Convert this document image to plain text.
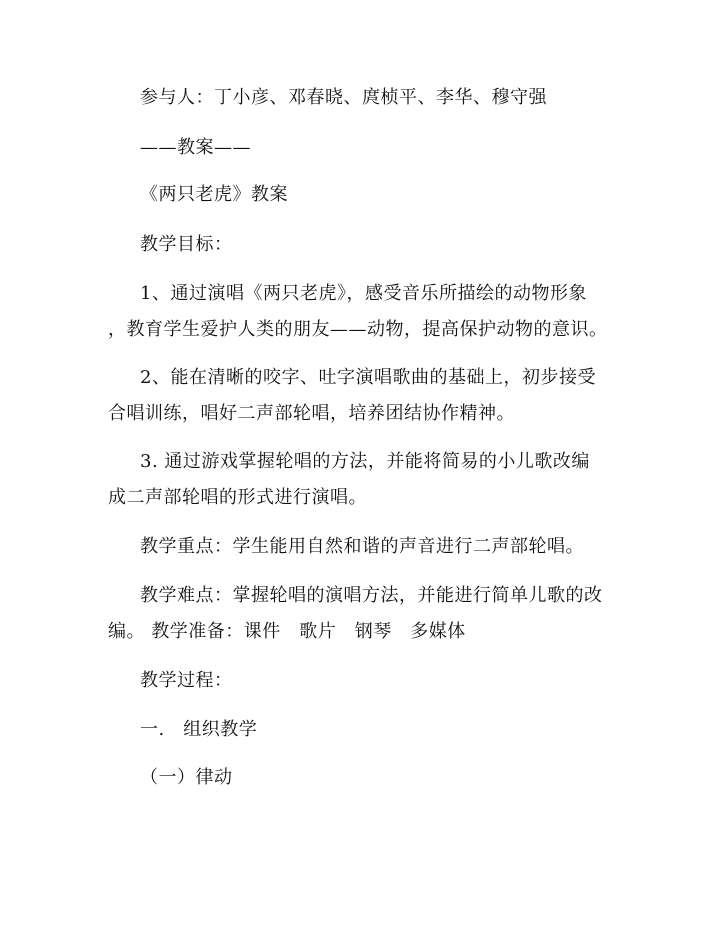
参与人：丁小彦、邓春晓、庹桢平、李华、穆守强
——教案——
《两只老虎》教案
教学目标：
1、通过演唱《两只老虎》，感受音乐所描绘的动物形象
，教育学生爱护人类的朋友——动物，提高保护动物的意识。
2、能在清晰的咬字、吐字演唱歌曲的基础上，初步接受
合唱训练，唱好二声部轮唱，培养团结协作精神。
3. 通过游戏掌握轮唱的方法，并能将简易的小儿歌改编
成二声部轮唱的形式进行演唱。
教学重点：学生能用自然和谐的声音进行二声部轮唱。
教学难点：掌握轮唱的演唱方法，并能进行简单儿歌的改
编。 教学准备：课件　歌片　钢琴　多媒体
教学过程：
一.　组织教学
（一）律动
